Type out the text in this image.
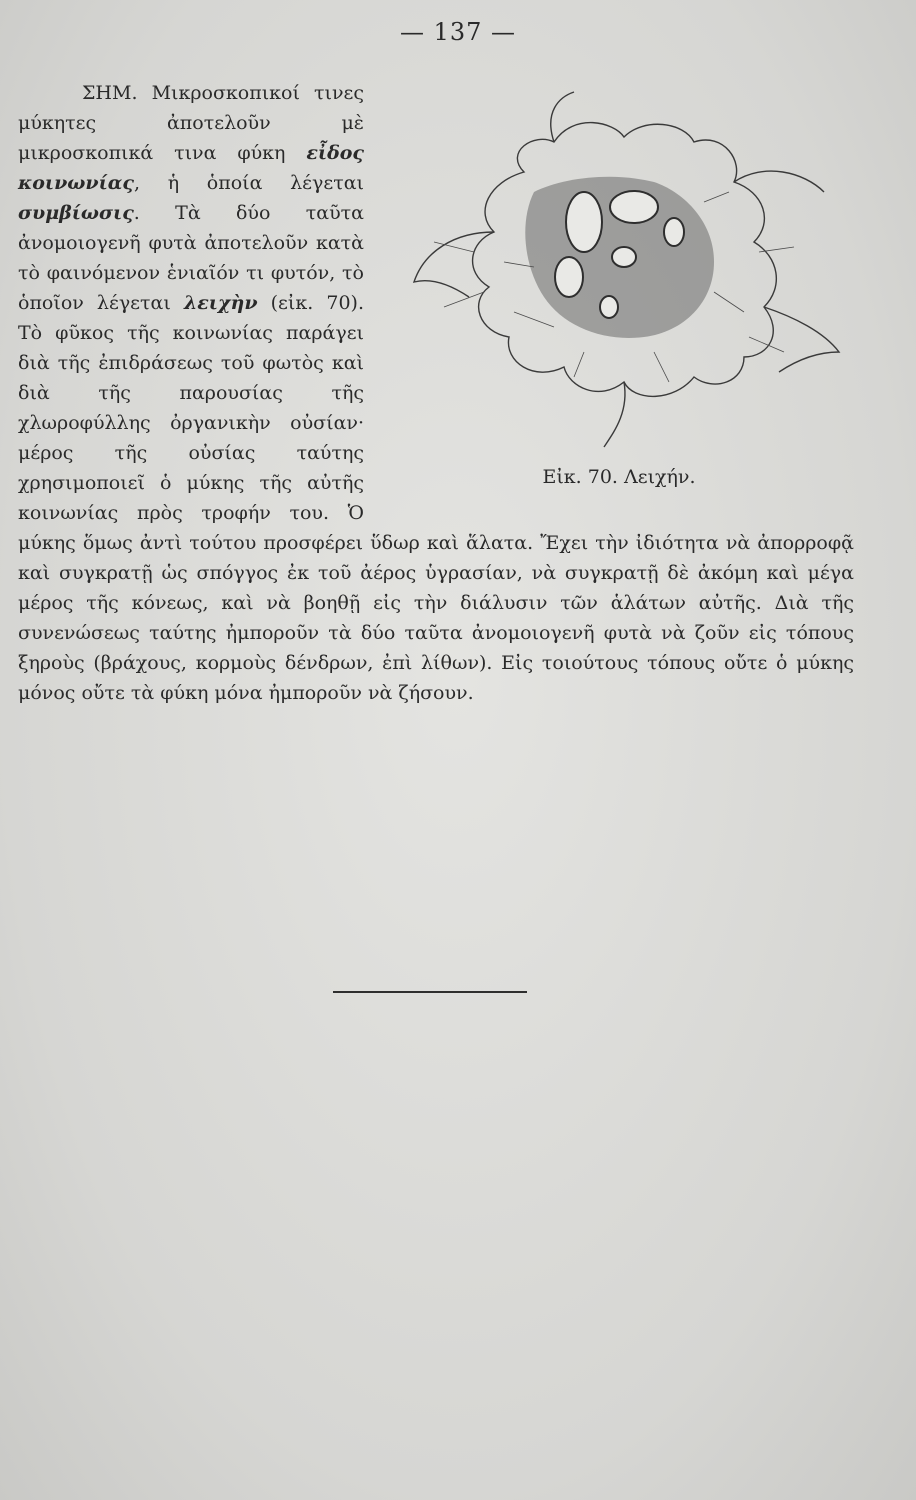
— 137 —
Εἰκ. 70. Λειχήν.

ΣΗΜ. Μικροσκοπικοί τινες μύκητες ἀποτελοῦν μὲ μικροσκοπικά τινα φύκη εἶδος κοινωνίας, ἡ ὁποία λέγεται συμβίωσις. Τὰ δύο ταῦτα ἀνομοιογενῆ φυτὰ ἀποτελοῦν κατὰ τὸ φαινόμενον ἑνιαῖόν τι φυτόν, τὸ ὁποῖον λέγεται λειχὴν (εἰκ. 70). Τὸ φῦκος τῆς κοινωνίας παράγει διὰ τῆς ἐπιδράσεως τοῦ φωτὸς καὶ διὰ τῆς παρουσίας τῆς χλωροφύλλης ὀργανικὴν οὐσίαν· μέρος τῆς οὐσίας ταύτης χρησιμοποιεῖ ὁ μύκης τῆς αὐτῆς κοινωνίας πρὸς τροφήν του. Ὁ μύκης ὅμως ἀντὶ τούτου προσφέρει ὕδωρ καὶ ἅλατα. Ἔχει τὴν ἰδιότητα νὰ ἀπορροφᾷ καὶ συγκρατῇ ὡς σπόγγος ἐκ τοῦ ἀέρος ὑγρασίαν, νὰ συγκρατῇ δὲ ἀκόμη καὶ μέγα μέρος τῆς κόνεως, καὶ νὰ βοηθῇ εἰς τὴν διάλυσιν τῶν ἁλάτων αὐτῆς. Διὰ τῆς συνενώσεως ταύτης ἠμποροῦν τὰ δύο ταῦτα ἀνομοιογενῆ φυτὰ νὰ ζοῦν εἰς τόπους ξηροὺς (βράχους, κορμοὺς δένδρων, ἐπὶ λίθων). Εἰς τοιούτους τόπους οὔτε ὁ μύκης μόνος οὔτε τὰ φύκη μόνα ἠμποροῦν νὰ ζήσουν.
